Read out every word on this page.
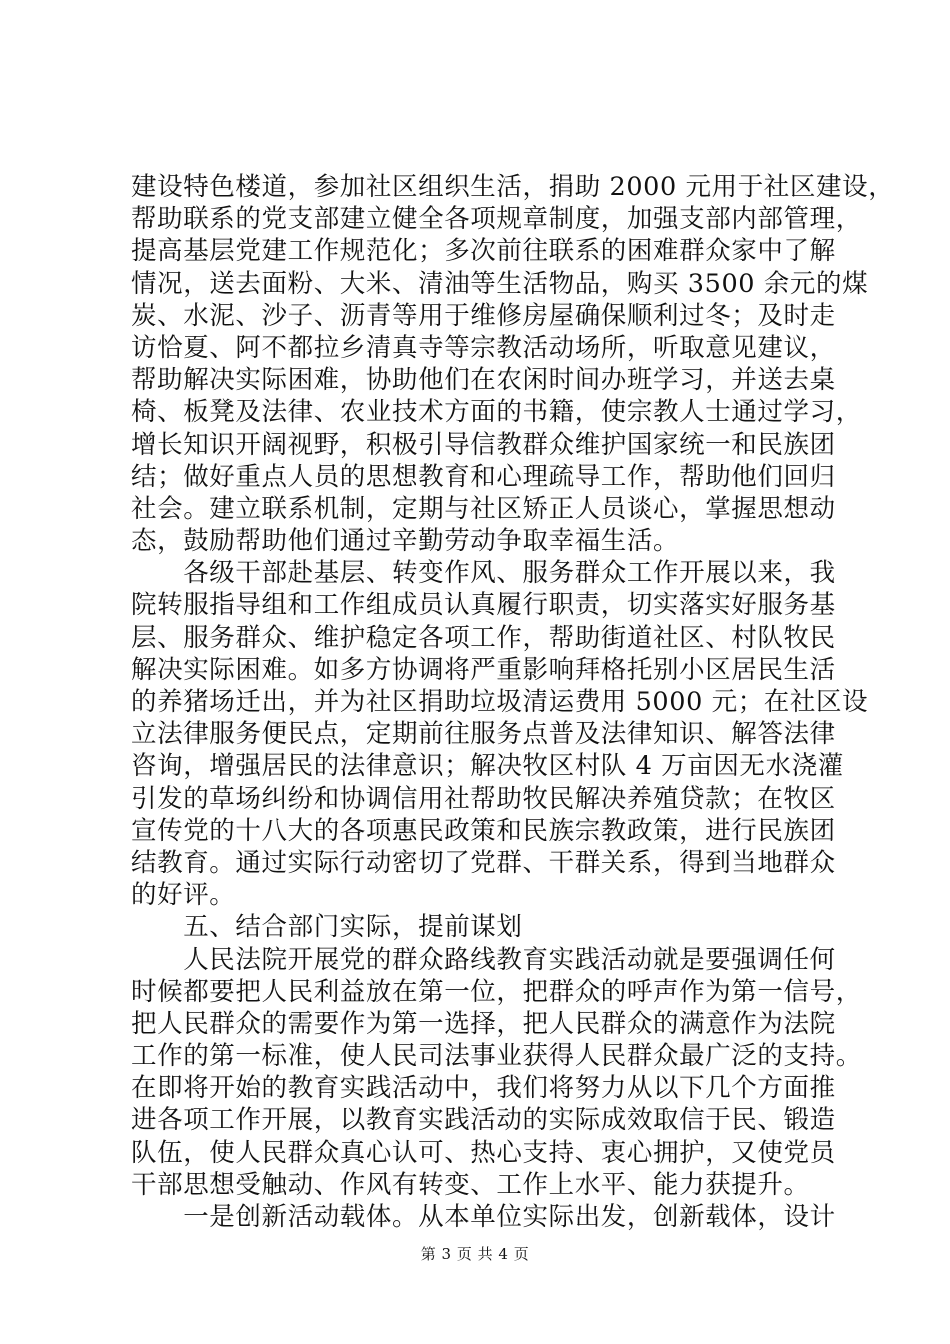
建设特色楼道，参加社区组织生活，捐助 2000 元用于社区建设，
帮助联系的党支部建立健全各项规章制度，加强支部内部管理，
提高基层党建工作规范化；多次前往联系的困难群众家中了解
情况，送去面粉、大米、清油等生活物品，购买 3500 余元的煤
炭、水泥、沙子、沥青等用于维修房屋确保顺利过冬；及时走
访恰夏、阿不都拉乡清真寺等宗教活动场所，听取意见建议，
帮助解决实际困难，协助他们在农闲时间办班学习，并送去桌
椅、板凳及法律、农业技术方面的书籍，使宗教人士通过学习，
增长知识开阔视野，积极引导信教群众维护国家统一和民族团
结；做好重点人员的思想教育和心理疏导工作，帮助他们回归
社会。建立联系机制，定期与社区矫正人员谈心，掌握思想动
态，鼓励帮助他们通过辛勤劳动争取幸福生活。
　　各级干部赴基层、转变作风、服务群众工作开展以来，我
院转服指导组和工作组成员认真履行职责，切实落实好服务基
层、服务群众、维护稳定各项工作，帮助街道社区、村队牧民
解决实际困难。如多方协调将严重影响拜格托别小区居民生活
的养猪场迁出，并为社区捐助垃圾清运费用 5000 元；在社区设
立法律服务便民点，定期前往服务点普及法律知识、解答法律
咨询，增强居民的法律意识；解决牧区村队 4 万亩因无水浇灌
引发的草场纠纷和协调信用社帮助牧民解决养殖贷款；在牧区
宣传党的十八大的各项惠民政策和民族宗教政策，进行民族团
结教育。通过实际行动密切了党群、干群关系，得到当地群众
的好评。
　　五、结合部门实际，提前谋划
　　人民法院开展党的群众路线教育实践活动就是要强调任何
时候都要把人民利益放在第一位，把群众的呼声作为第一信号，
把人民群众的需要作为第一选择，把人民群众的满意作为法院
工作的第一标准，使人民司法事业获得人民群众最广泛的支持。
在即将开始的教育实践活动中，我们将努力从以下几个方面推
进各项工作开展，以教育实践活动的实际成效取信于民、锻造
队伍，使人民群众真心认可、热心支持、衷心拥护，又使党员
干部思想受触动、作风有转变、工作上水平、能力获提升。
　　一是创新活动载体。从本单位实际出发，创新载体，设计
第 3 页 共 4 页
